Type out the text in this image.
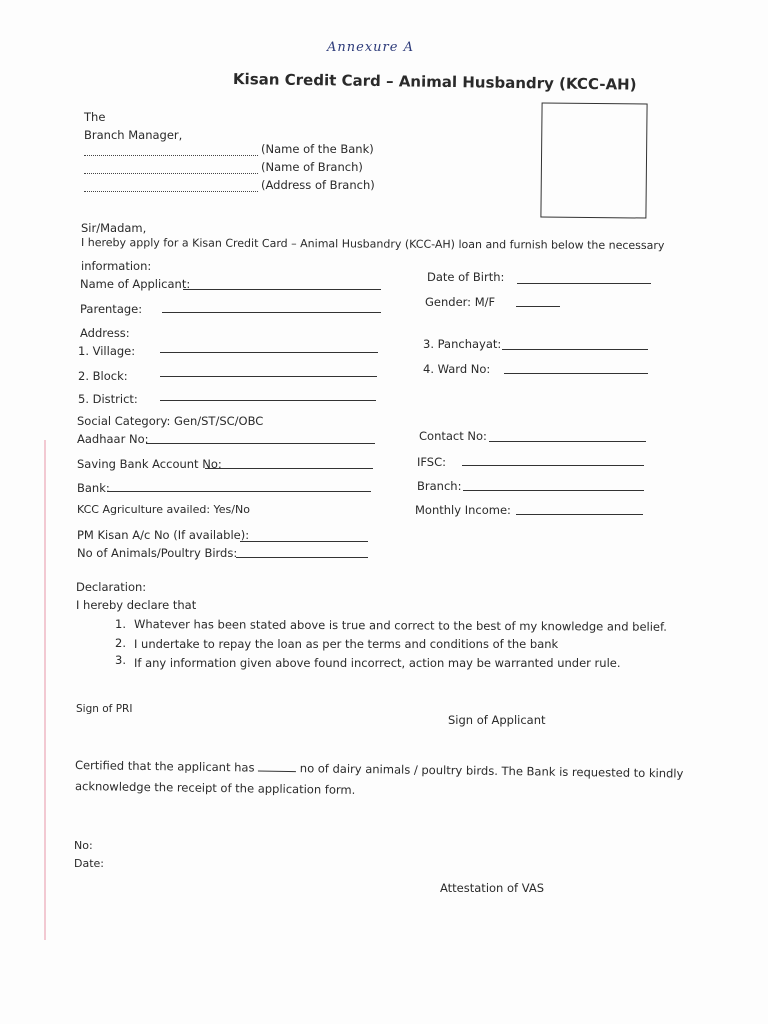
Annexure A
Kisan Credit Card – Animal Husbandry (KCC-AH)
The
Branch Manager,
(Name of the Bank)
(Name of Branch)
(Address of Branch)
Sir/Madam,
I hereby apply for a Kisan Credit Card – Animal Husbandry (KCC-AH) loan and furnish below the necessary
information:
Name of Applicant:
Parentage:
Address:
1. Village:
2. Block:
5. District:
Social Category: Gen/ST/SC/OBC
Aadhaar No:
Saving Bank Account No:
Bank:
KCC Agriculture availed: Yes/No
PM Kisan A/c No (If available):
No of Animals/Poultry Birds:
Date of Birth:
Gender: M/F
3. Panchayat:
4. Ward No:
Contact No:
IFSC:
Branch:
Monthly Income:
Declaration:
I hereby declare that
1. Whatever has been stated above is true and correct to the best of my knowledge and belief.
2. I undertake to repay the loan as per the terms and conditions of the bank
3. If any information given above found incorrect, action may be warranted under rule.
Sign of PRI
Sign of Applicant
Certified that the applicant has	no of dairy animals / poultry birds. The Bank is requested to kindly
acknowledge the receipt of the application form.
No:
Date:
Attestation of VAS
